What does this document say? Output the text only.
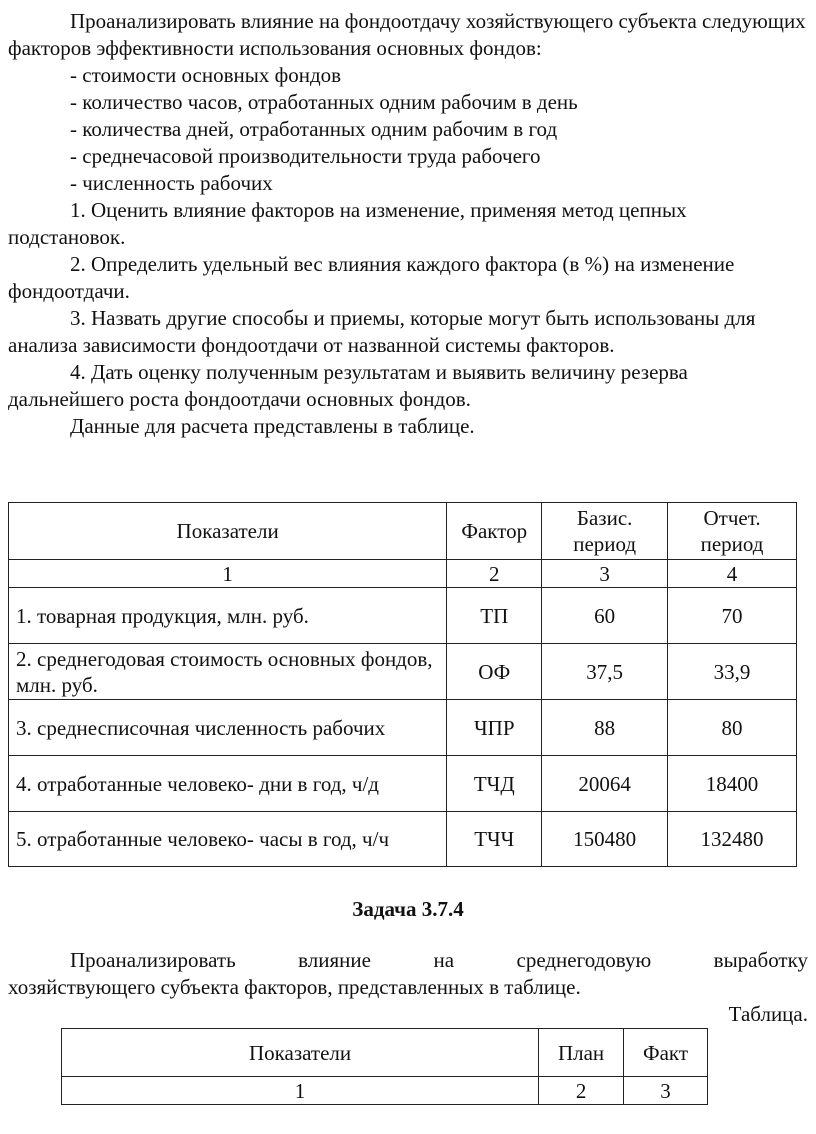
Проанализировать влияние на фондоотдачу хозяйствующего субъекта следующих факторов эффективности использования основных фондов:

- стоимости основных фондов

- количество часов, отработанных одним рабочим в день

- количества дней, отработанных одним рабочим в год

- среднечасовой производительности труда рабочего

- численность рабочих

1. Оценить влияние факторов на изменение, применяя метод цепных подстановок.

2. Определить удельный вес влияния каждого фактора (в %) на изменение фондоотдачи.

3. Назвать другие способы и приемы, которые могут быть использованы для анализа зависимости фондоотдачи от названной системы факторов.

4. Дать оценку полученным результатам и выявить величину резерва дальнейшего роста фондоотдачи основных фондов.

Данные для расчета представлены в таблице.

Показатели	Фактор	Базис. период	Отчет. период
1	2	3	4
1. товарная продукция, млн. руб.	ТП	60	70
2. среднегодовая стоимость основных фондов, млн. руб.	ОФ	37,5	33,9
3. среднесписочная численность рабочих	ЧПР	88	80
4. отработанные человеко- дни в год, ч/д	ТЧД	20064	18400
5. отработанные человеко- часы в год, ч/ч	ТЧЧ	150480	132480
Задача 3.7.4

Проанализировать влияние на среднегодовую выработку

хозяйствующего субъекта факторов, представленных в таблице.

Таблица.

Показатели	План	Факт
1	2	3
